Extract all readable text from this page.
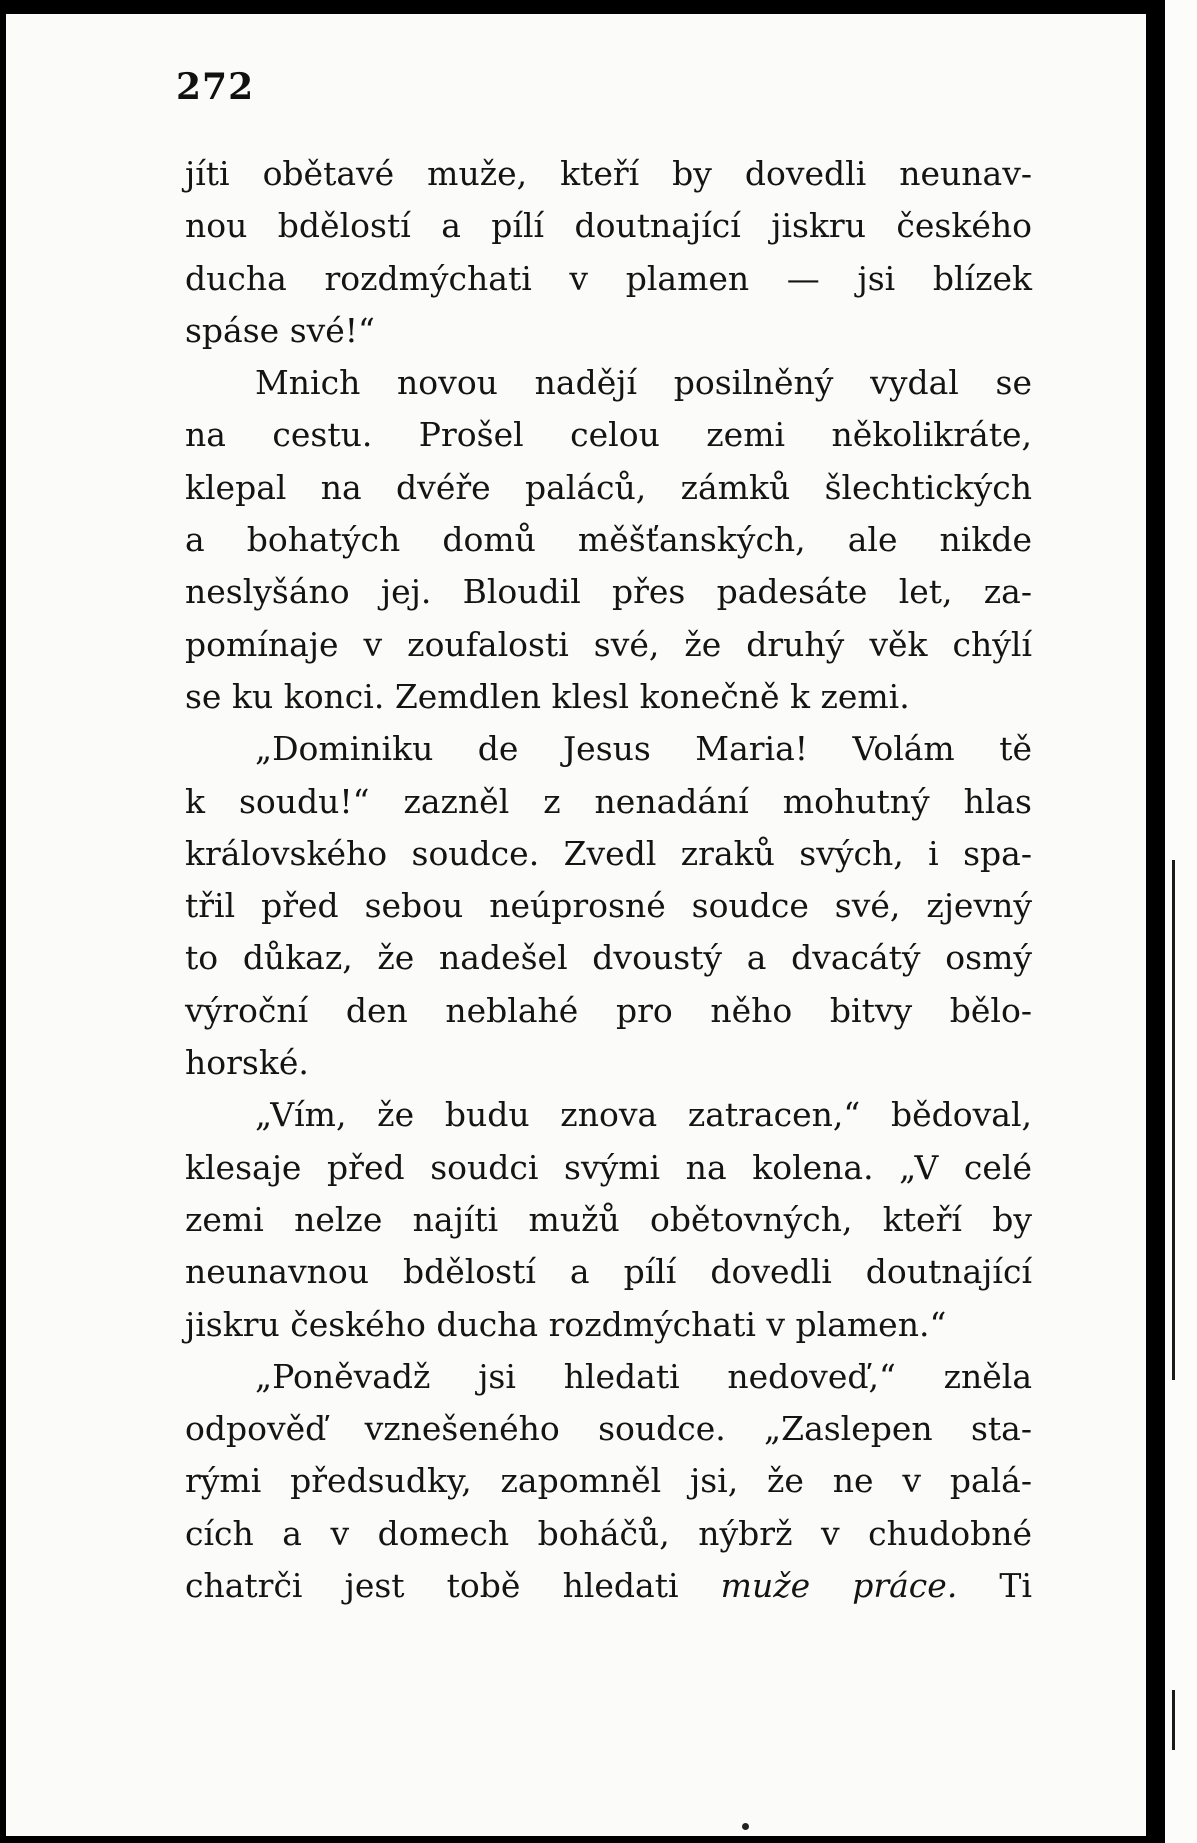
272
jíti obětavé muže, kteří by dovedli neunav-
nou bdělostí a pílí doutnající jiskru českého
ducha rozdmýchati v plamen — jsi blízek
spáse své!“
Mnich novou nadějí posilněný vydal se
na cestu. Prošel celou zemi několikráte,
klepal na dvéře paláců, zámků šlechtických
a bohatých domů měšťanských, ale nikde
neslyšáno jej. Bloudil přes padesáte let, za-
pomínaje v zoufalosti své, že druhý věk chýlí
se ku konci. Zemdlen klesl konečně k zemi.
„Dominiku de Jesus Maria! Volám tě
k soudu!“ zazněl z nenadání mohutný hlas
královského soudce. Zvedl zraků svých, i spa-
třil před sebou neúprosné soudce své, zjevný
to důkaz, že nadešel dvoustý a dvacátý osmý
výroční den neblahé pro něho bitvy bělo-
horské.
„Vím, že budu znova zatracen,“ bědoval,
klesaje před soudci svými na kolena. „V celé
zemi nelze najíti mužů obětovných, kteří by
neunavnou bdělostí a pílí dovedli doutnající
jiskru českého ducha rozdmýchati v plamen.“
„Poněvadž jsi hledati nedoveď,“ zněla
odpověď vznešeného soudce. „Zaslepen sta-
rými předsudky, zapomněl jsi, že ne v palá-
cích a v domech boháčů, nýbrž v chudobné
chatrči jest tobě hledati muže práce. Ti
